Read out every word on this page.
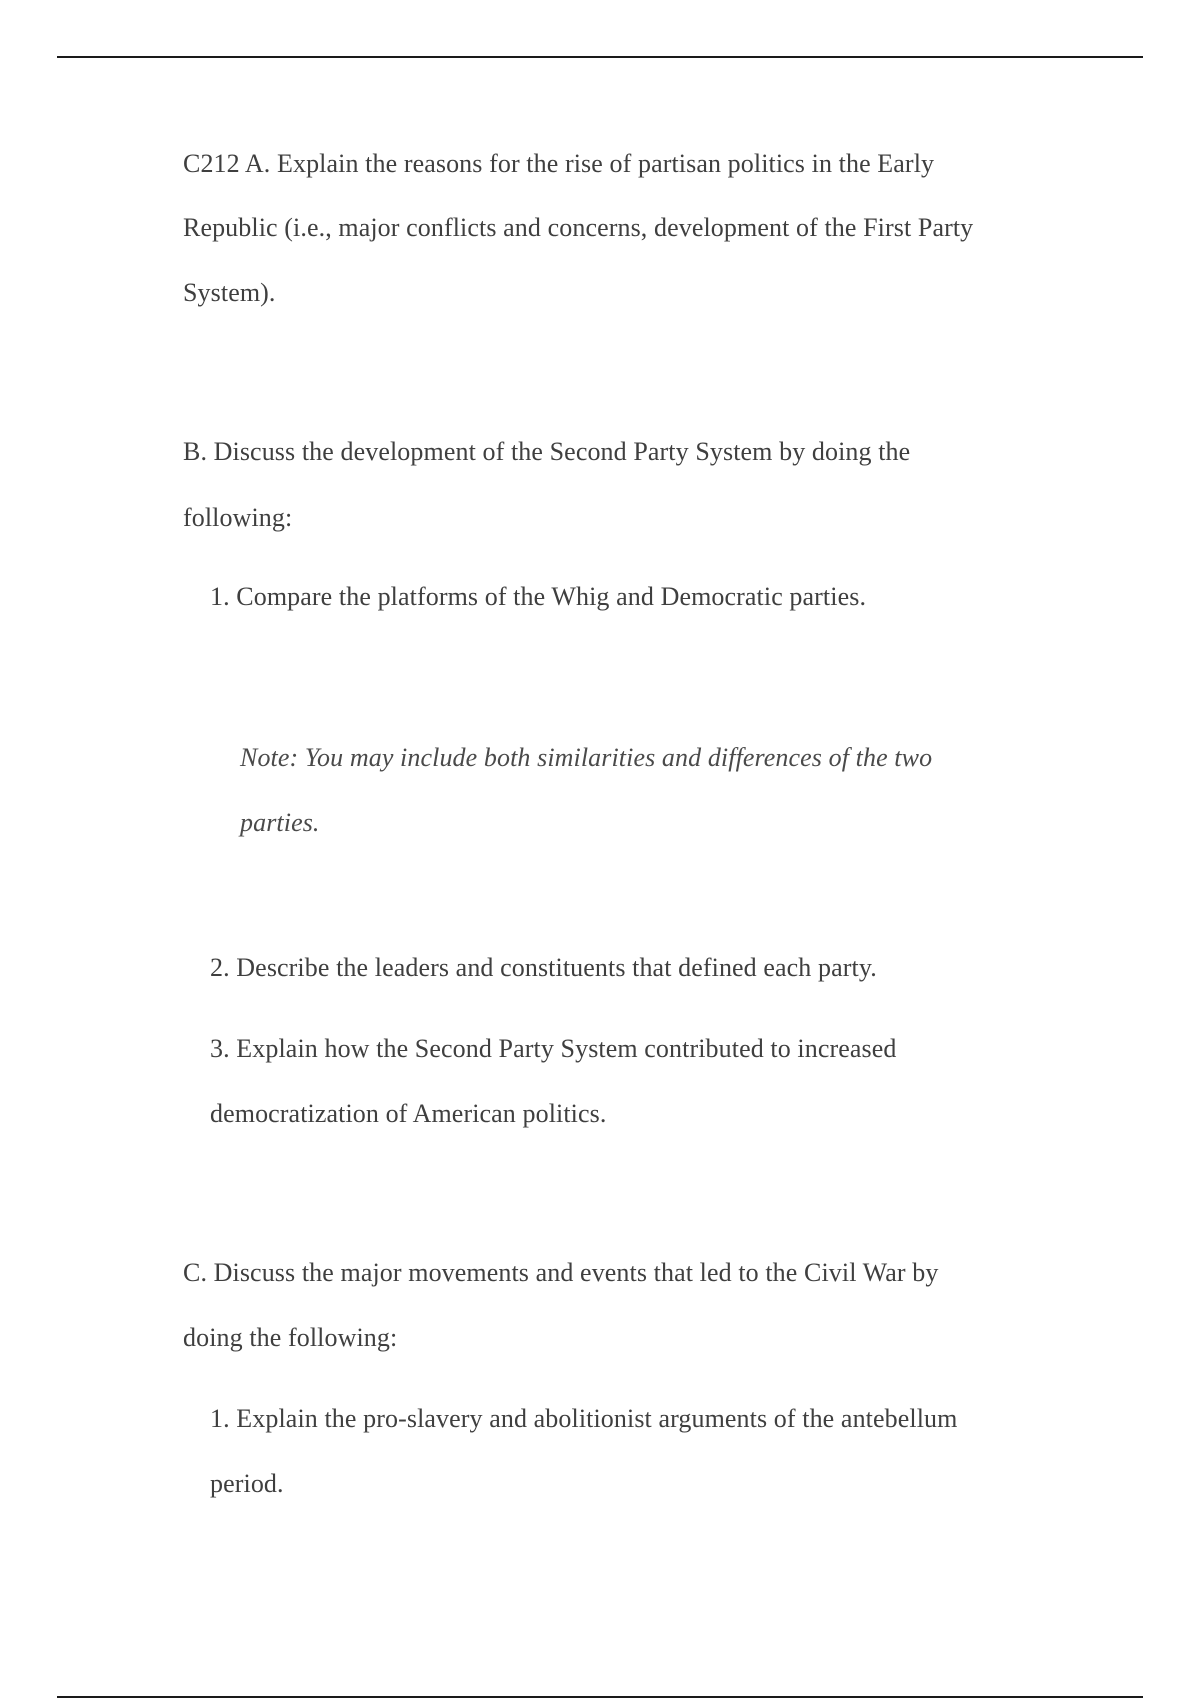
C212 A. Explain the reasons for the rise of partisan politics in the Early
Republic (i.e., major conflicts and concerns, development of the First Party
System).
B. Discuss the development of the Second Party System by doing the
following:
1. Compare the platforms of the Whig and Democratic parties.
Note: You may include both similarities and differences of the two
parties.
2. Describe the leaders and constituents that defined each party.
3. Explain how the Second Party System contributed to increased
democratization of American politics.
C. Discuss the major movements and events that led to the Civil War by
doing the following:
1. Explain the pro-slavery and abolitionist arguments of the antebellum
period.
